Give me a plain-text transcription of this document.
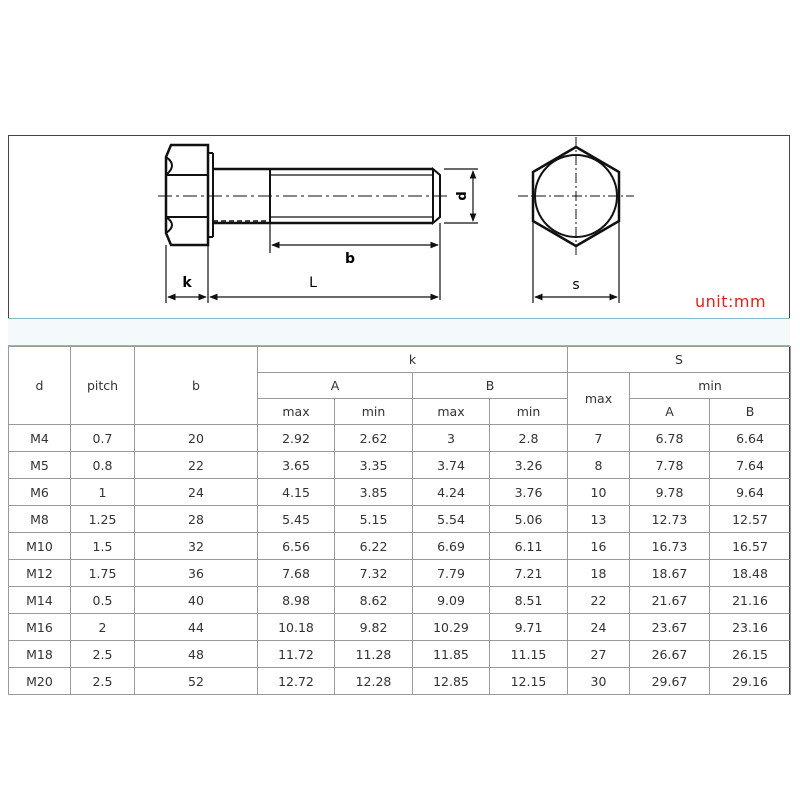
d
b
k	L	s
unit:mm
d	pitch	b	k				S		
			A		B		max	min	
			max	min	max	min		A	B
M4	0.7	20	2.92	2.62	3	2.8	7	6.78	6.64
M5	0.8	22	3.65	3.35	3.74	3.26	8	7.78	7.64
M6	1	24	4.15	3.85	4.24	3.76	10	9.78	9.64
M8	1.25	28	5.45	5.15	5.54	5.06	13	12.73	12.57
M10	1.5	32	6.56	6.22	6.69	6.11	16	16.73	16.57
M12	1.75	36	7.68	7.32	7.79	7.21	18	18.67	18.48
M14	0.5	40	8.98	8.62	9.09	8.51	22	21.67	21.16
M16	2	44	10.18	9.82	10.29	9.71	24	23.67	23.16
M18	2.5	48	11.72	11.28	11.85	11.15	27	26.67	26.15
M20	2.5	52	12.72	12.28	12.85	12.15	30	29.67	29.16
